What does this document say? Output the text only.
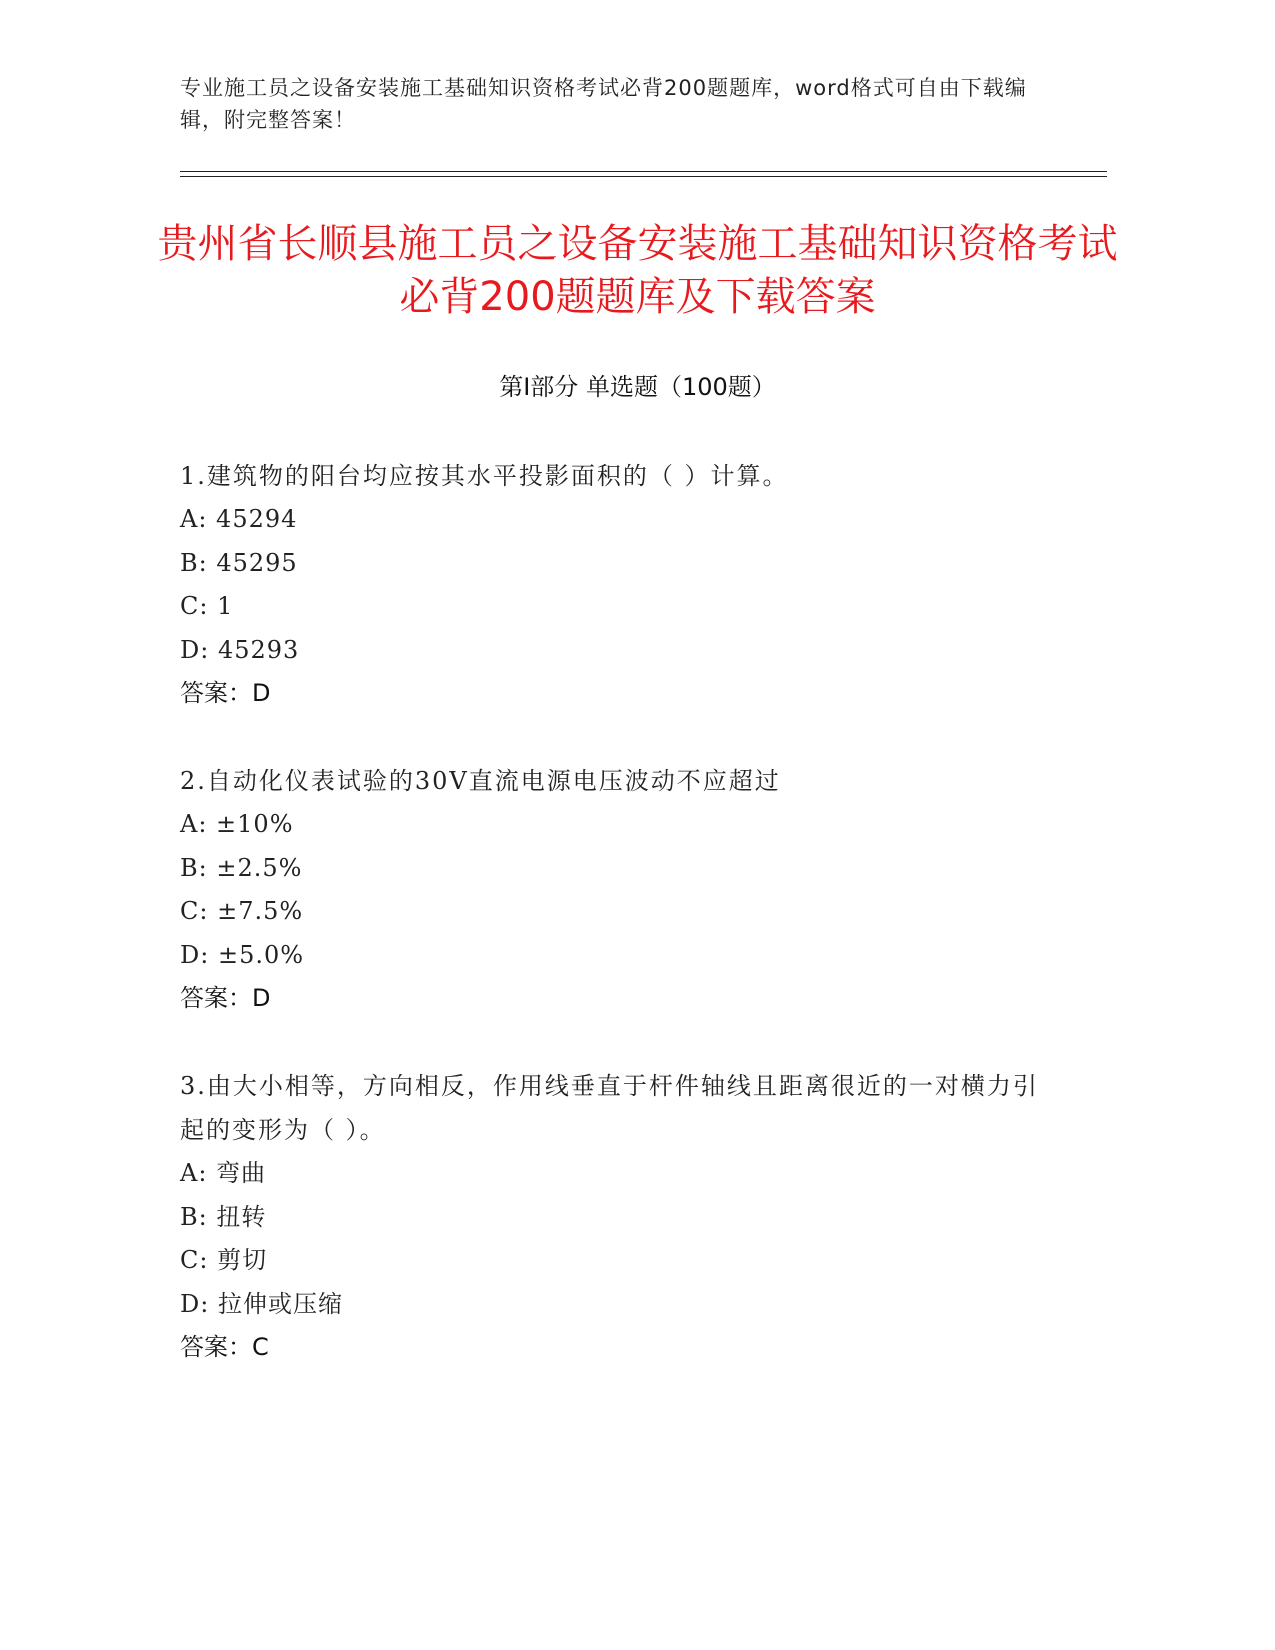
专业施工员之设备安装施工基础知识资格考试必背200题题库，word格式可自由下载编辑，附完整答案！
贵州省长顺县施工员之设备安装施工基础知识资格考试必背200题题库及下载答案
第Ⅰ部分 单选题（100题）
1.建筑物的阳台均应按其水平投影面积的（ ）计算。
A: 45294
B: 45295
C: 1
D: 45293
答案：D
2.自动化仪表试验的30V直流电源电压波动不应超过
A: ±10%
B: ±2.5%
C: ±7.5%
D: ±5.0%
答案：D
3.由大小相等，方向相反，作用线垂直于杆件轴线且距离很近的一对横力引起的变形为（ ）。
A: 弯曲
B: 扭转
C: 剪切
D: 拉伸或压缩
答案：C
